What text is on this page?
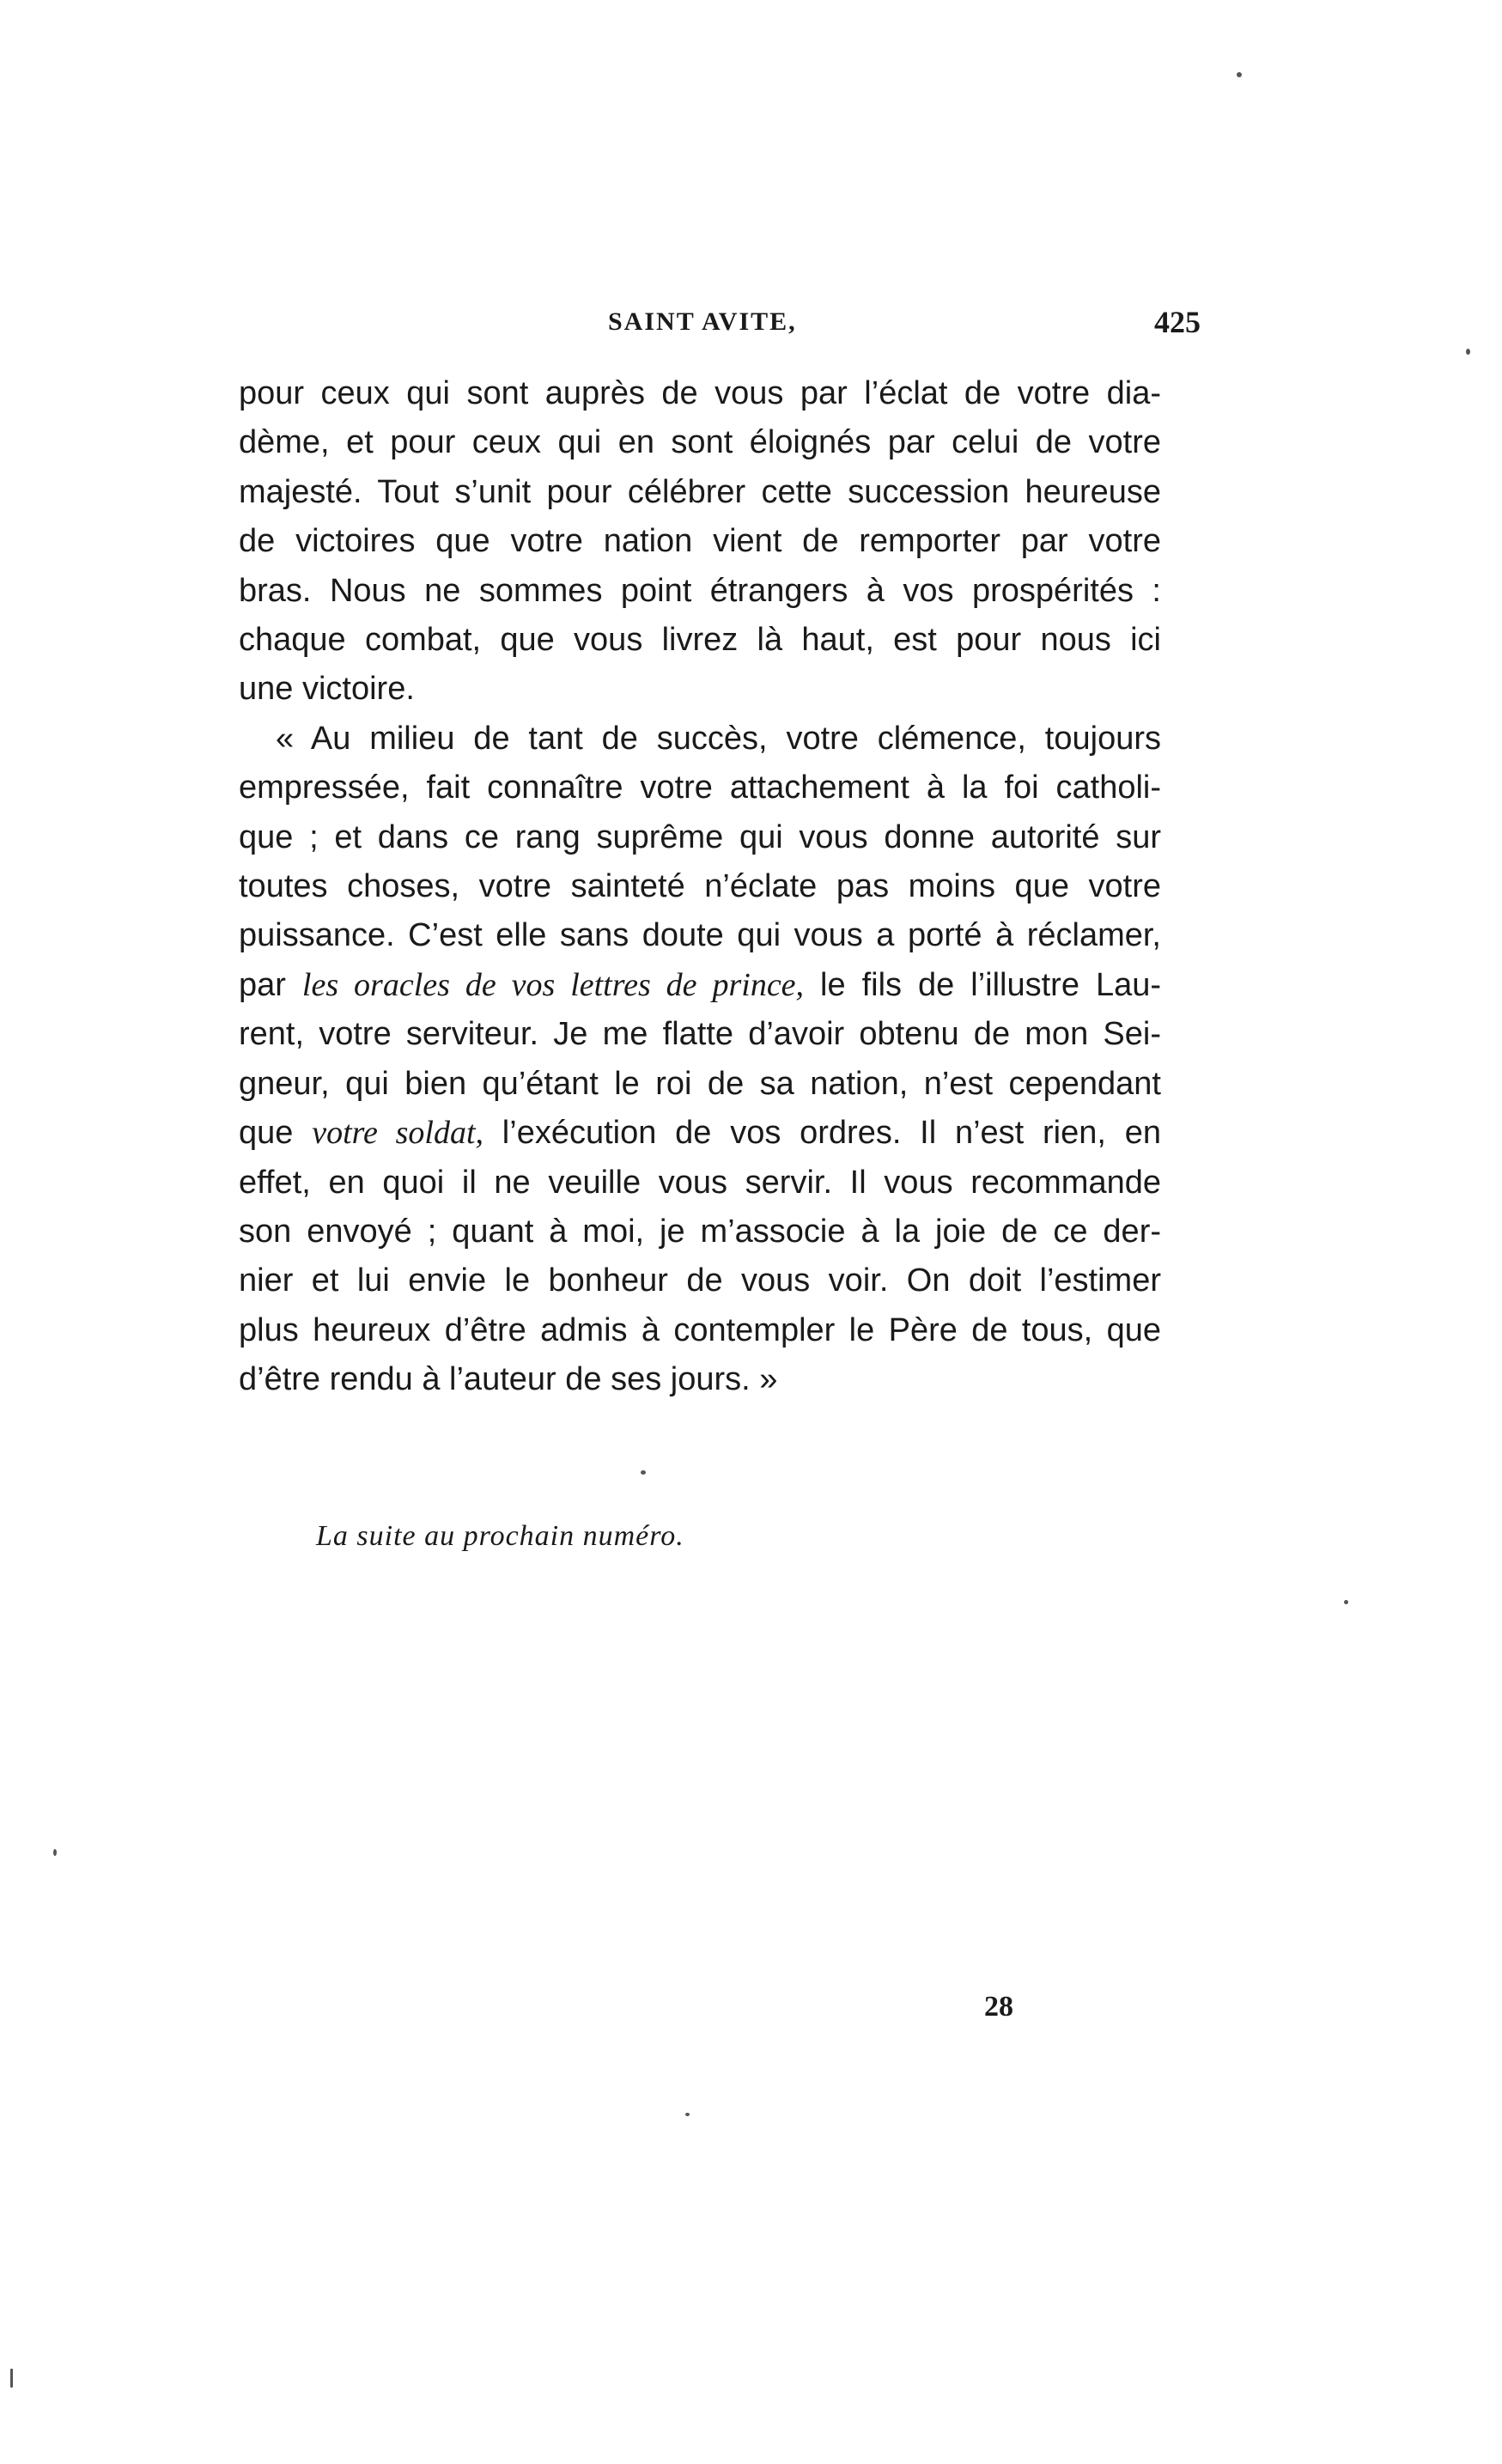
SAINT AVITE,	425

pour ceux qui sont auprès de vous par l’éclat de votre dia-
dème, et pour ceux qui en sont éloignés par celui de votre
majesté. Tout s’unit pour célébrer cette succession heureuse
de victoires que votre nation vient de remporter par votre
bras. Nous ne sommes point étrangers à vos prospérités :
chaque combat, que vous livrez là haut, est pour nous ici
une victoire.

« Au milieu de tant de succès, votre clémence, toujours
empressée, fait connaître votre attachement à la foi catholi-
que ; et dans ce rang suprême qui vous donne autorité sur
toutes choses, votre sainteté n’éclate pas moins que votre
puissance. C’est elle sans doute qui vous a porté à réclamer,
par les oracles de vos lettres de prince, le fils de l’illustre Lau-
rent, votre serviteur. Je me flatte d’avoir obtenu de mon Sei-
gneur, qui bien qu’étant le roi de sa nation, n’est cependant
que votre soldat, l’exécution de vos ordres. Il n’est rien, en
effet, en quoi il ne veuille vous servir. Il vous recommande
son envoyé ; quant à moi, je m’associe à la joie de ce der-
nier et lui envie le bonheur de vous voir. On doit l’estimer
plus heureux d’être admis à contempler le Père de tous, que
d’être rendu à l’auteur de ses jours. »

La suite au prochain numéro.
28
